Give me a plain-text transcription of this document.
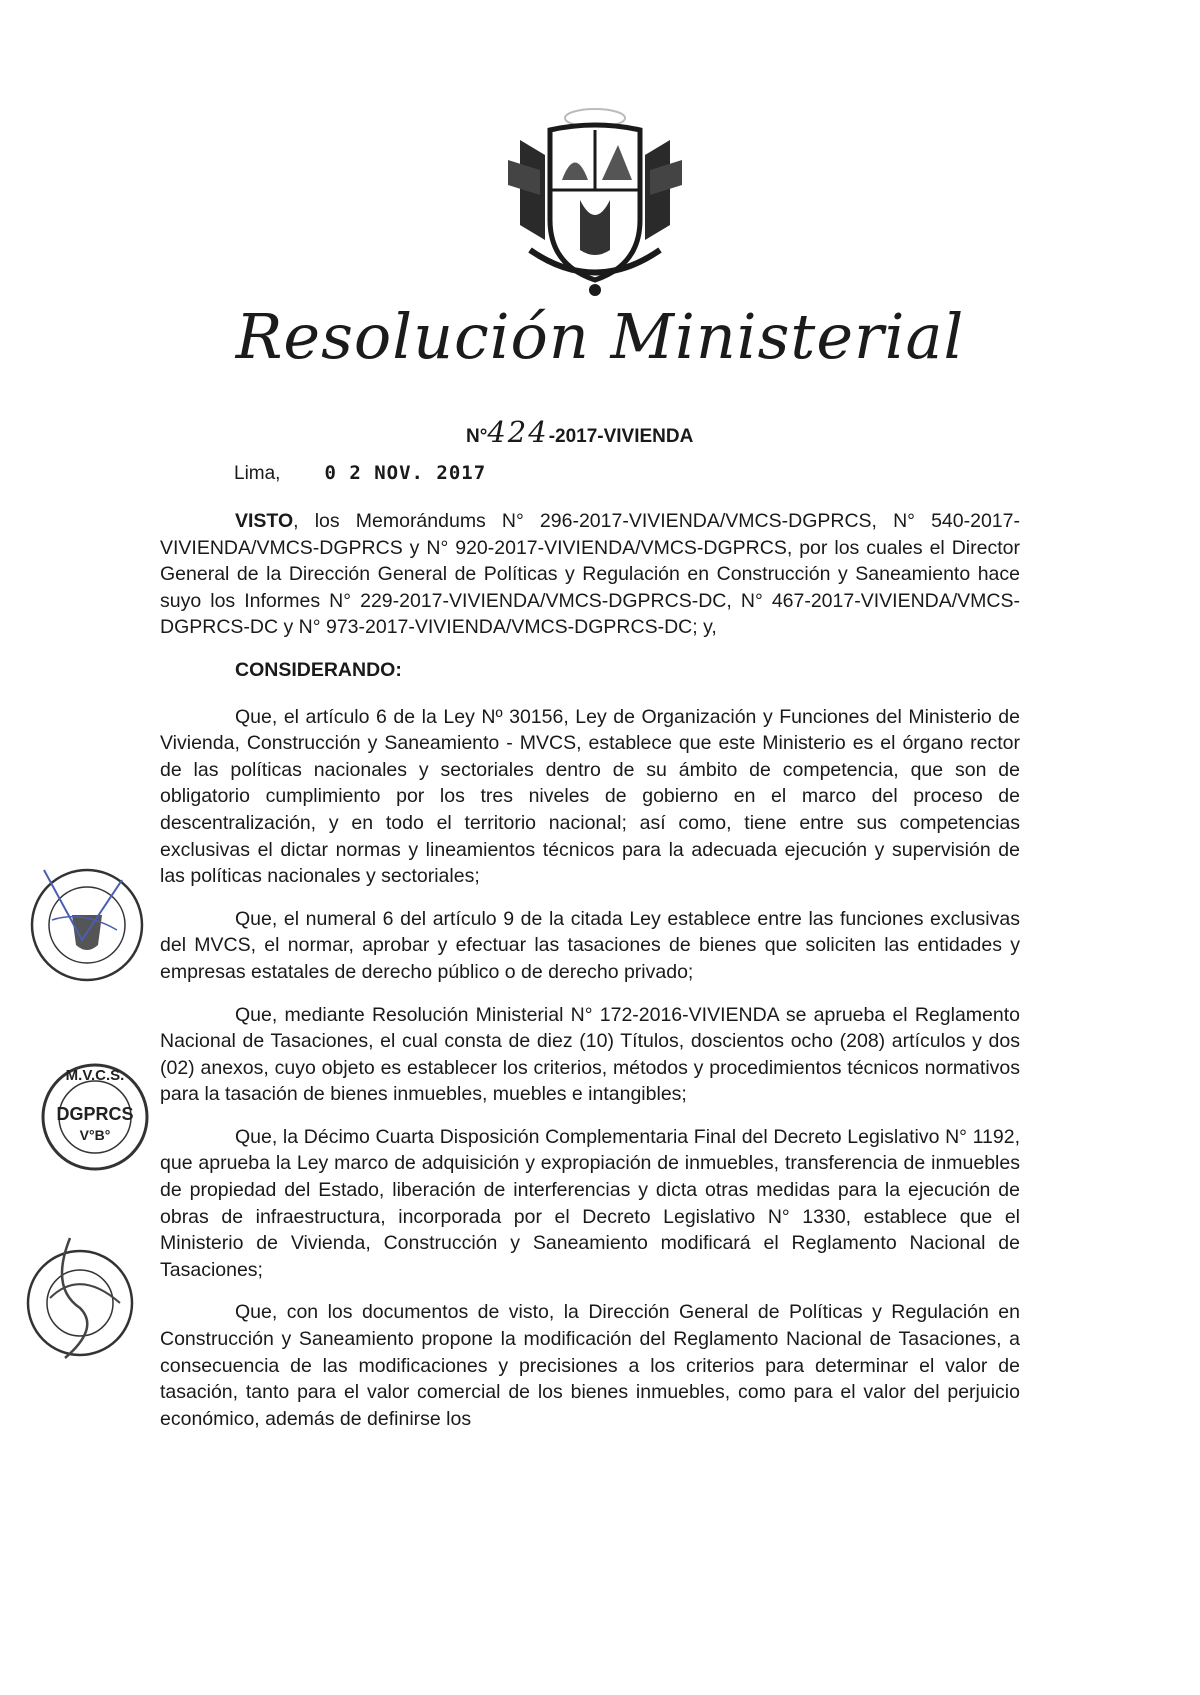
Resolución Ministerial
N°424-2017-VIVIENDA
Lima, 0 2 NOV. 2017

VISTO, los Memorándums N° 296-2017-VIVIENDA/VMCS-DGPRCS, N° 540-2017-VIVIENDA/VMCS-DGPRCS y N° 920-2017-VIVIENDA/VMCS-DGPRCS, por los cuales el Director General de la Dirección General de Políticas y Regulación en Construcción y Saneamiento hace suyo los Informes N° 229-2017-VIVIENDA/VMCS-DGPRCS-DC, N° 467-2017-VIVIENDA/VMCS-DGPRCS-DC y N° 973-2017-VIVIENDA/VMCS-DGPRCS-DC; y,

CONSIDERANDO:

Que, el artículo 6 de la Ley Nº 30156, Ley de Organización y Funciones del Ministerio de Vivienda, Construcción y Saneamiento - MVCS, establece que este Ministerio es el órgano rector de las políticas nacionales y sectoriales dentro de su ámbito de competencia, que son de obligatorio cumplimiento por los tres niveles de gobierno en el marco del proceso de descentralización, y en todo el territorio nacional; así como, tiene entre sus competencias exclusivas el dictar normas y lineamientos técnicos para la adecuada ejecución y supervisión de las políticas nacionales y sectoriales;

Que, el numeral 6 del artículo 9 de la citada Ley establece entre las funciones exclusivas del MVCS, el normar, aprobar y efectuar las tasaciones de bienes que soliciten las entidades y empresas estatales de derecho público o de derecho privado;

Que, mediante Resolución Ministerial N° 172-2016-VIVIENDA se aprueba el Reglamento Nacional de Tasaciones, el cual consta de diez (10) Títulos, doscientos ocho (208) artículos y dos (02) anexos, cuyo objeto es establecer los criterios, métodos y procedimientos técnicos normativos para la tasación de bienes inmuebles, muebles e intangibles;

Que, la Décimo Cuarta Disposición Complementaria Final del Decreto Legislativo N° 1192, que aprueba la Ley marco de adquisición y expropiación de inmuebles, transferencia de inmuebles de propiedad del Estado, liberación de interferencias y dicta otras medidas para la ejecución de obras de infraestructura, incorporada por el Decreto Legislativo N° 1330, establece que el Ministerio de Vivienda, Construcción y Saneamiento modificará el Reglamento Nacional de Tasaciones;

Que, con los documentos de visto, la Dirección General de Políticas y Regulación en Construcción y Saneamiento propone la modificación del Reglamento Nacional de Tasaciones, a consecuencia de las modificaciones y precisiones a los criterios para determinar el valor de tasación, tanto para el valor comercial de los bienes inmuebles, como para el valor del perjuicio económico, además de definirse los

M.V.C.S.
DGPRCS
V°B°
